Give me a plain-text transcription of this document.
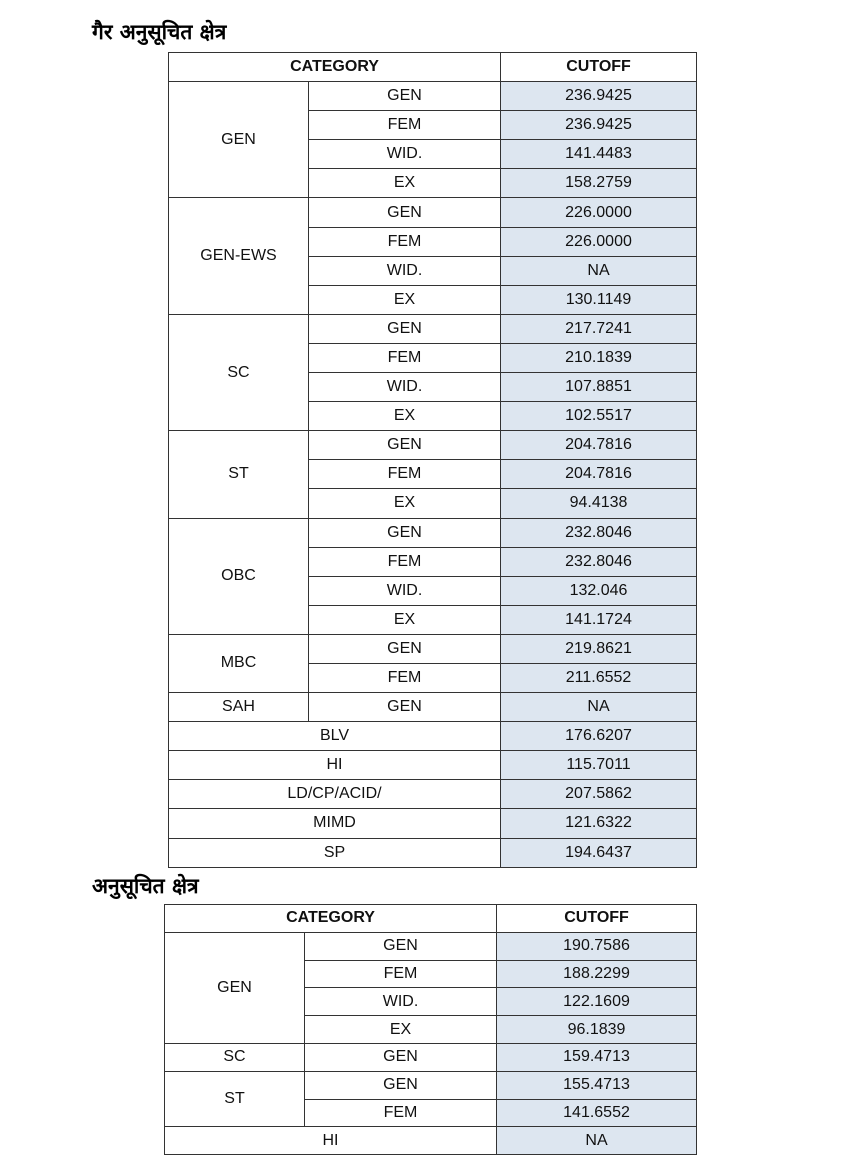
गैर अनुसूचित क्षेत्र
CATEGORY		CUTOFF
GEN	GEN	236.9425
	FEM	236.9425
	WID.	141.4483
	EX	158.2759
GEN-EWS	GEN	226.0000
	FEM	226.0000
	WID.	NA
	EX	130.1149
SC	GEN	217.7241
	FEM	210.1839
	WID.	107.8851
	EX	102.5517
ST	GEN	204.7816
	FEM	204.7816
	EX	94.4138
OBC	GEN	232.8046
	FEM	232.8046
	WID.	132.046
	EX	141.1724
MBC	GEN	219.8621
	FEM	211.6552
SAH	GEN	NA
BLV		176.6207
HI		115.7011
LD/CP/ACID/		207.5862
MIMD		121.6322
SP		194.6437
अनुसूचित क्षेत्र
CATEGORY		CUTOFF
GEN	GEN	190.7586
	FEM	188.2299
	WID.	122.1609
	EX	96.1839
SC	GEN	159.4713
ST	GEN	155.4713
	FEM	141.6552
HI		NA
